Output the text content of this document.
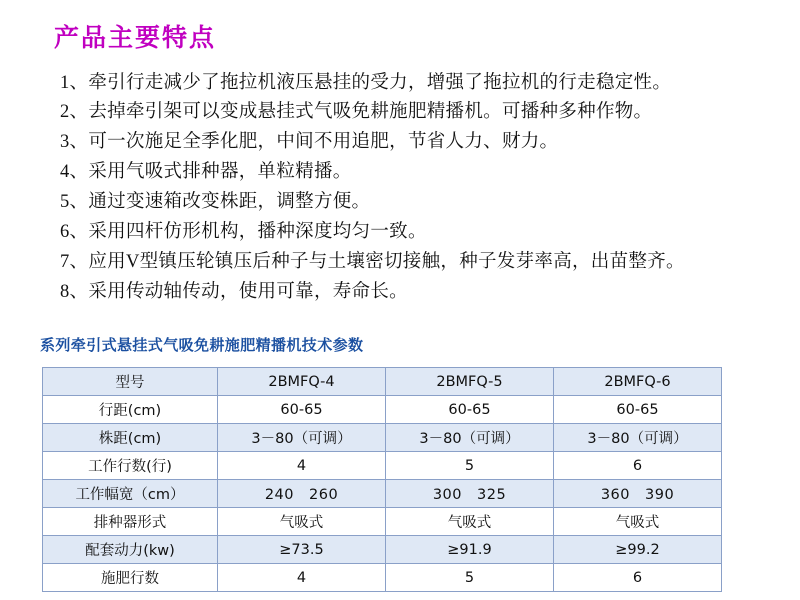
产品主要特点
1、牵引行走减少了拖拉机液压悬挂的受力，增强了拖拉机的行走稳定性。
2、去掉牵引架可以变成悬挂式气吸免耕施肥精播机。可播种多种作物。
3、可一次施足全季化肥，中间不用追肥，节省人力、财力。
4、采用气吸式排种器，单粒精播。
5、通过变速箱改变株距，调整方便。
6、采用四杆仿形机构，播种深度均匀一致。
7、应用V型镇压轮镇压后种子与土壤密切接触，种子发芽率高，出苗整齐。
8、采用传动轴传动，使用可靠，寿命长。
系列牵引式悬挂式气吸免耕施肥精播机技术参数
型号	2BMFQ-4	2BMFQ-5	2BMFQ-6
行距(cm)	60-65	60-65	60-65
株距(cm)	3－80（可调）	3－80（可调）	3－80（可调）
工作行数(行)	4	5	6
工作幅宽（cm）	240　260	300　325	360　390
排种器形式	气吸式	气吸式	气吸式
配套动力(kw)	≥73.5	≥91.9	≥99.2
施肥行数	4	5	6
